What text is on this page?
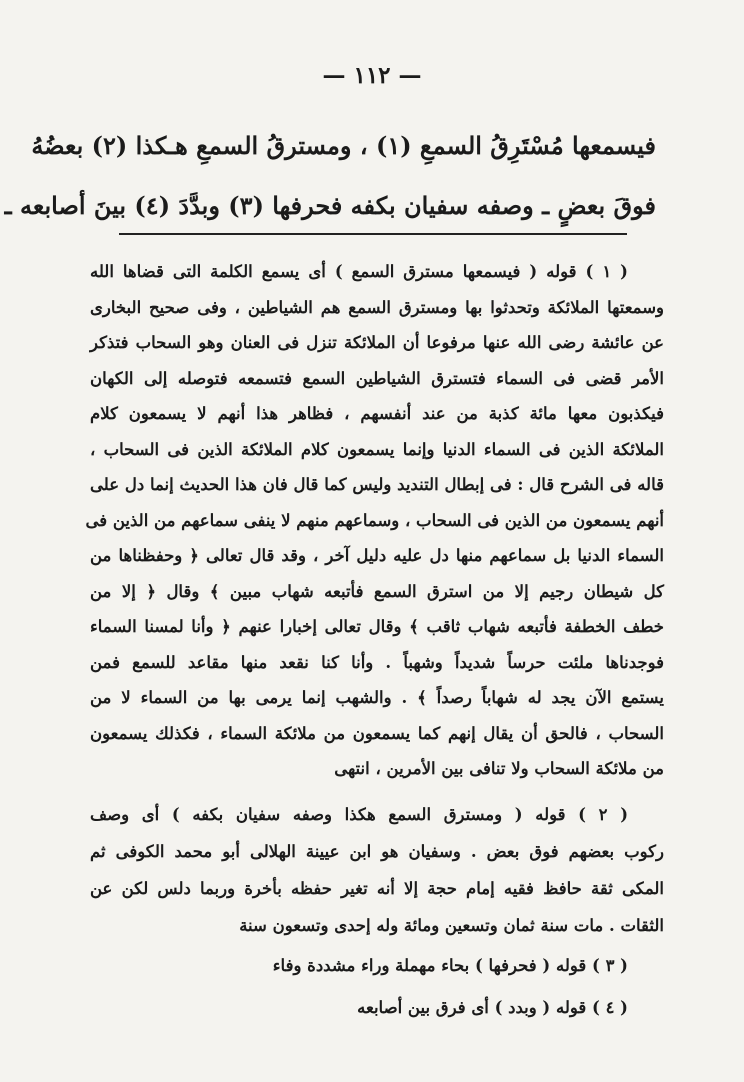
— ١١٢ —
فيسمعها مُسْتَرِقُ السمعِ (١) ، ومسترقُ السمعِ هـكذا (٢) بعضُهُ
فوقَ بعضٍ ـ وصفه سفيان بكفه فحرفها (٣) وبدَّدَ (٤) بينَ أصابعه ـ
( ١ ) قوله ( فيسمعها مسترق السمع ) أى يسمع الكلمة التى قضاها الله
وسمعتها الملائكة وتحدثوا بها ومسترق السمع هم الشياطين ، وفى صحيح البخارى
عن عائشة رضى الله عنها مرفوعا أن الملائكة تنزل فى العنان وهو السحاب فتذكر
الأمر قضى فى السماء فتسترق الشياطين السمع فتسمعه فتوصله إلى الكهان
فيكذبون معها مائة كذبة من عند أنفسهم ، فظاهر هذا أنهم لا يسمعون كلام
الملائكة الذين فى السماء الدنيا وإنما يسمعون كلام الملائكة الذين فى السحاب ،
قاله فى الشرح قال : فى إبطال التنديد وليس كما قال فان هذا الحديث إنما دل على
أنهم يسمعون من الذين فى السحاب ، وسماعهم منهم لا ينفى سماعهم من الذين فى
السماء الدنيا بل سماعهم منها دل عليه دليل آخر ، وقد قال تعالى ﴿ وحفظناها من
كل شيطان رجيم إلا من استرق السمع فأتبعه شهاب مبين ﴾ وقال ﴿ إلا من
خطف الخطفة فأتبعه شهاب ثاقب ﴾ وقال تعالى إخبارا عنهم ﴿ وأنا لمسنا السماء
فوجدناها ملئت حرساً شديداً وشهباً . وأنا كنا نقعد منها مقاعد للسمع فمن
يستمع الآن يجد له شهاباً رصداً ﴾ . والشهب إنما يرمى بها من السماء لا من
السحاب ، فالحق أن يقال إنهم كما يسمعون من ملائكة السماء ، فكذلك يسمعون
من ملائكة السحاب ولا تنافى بين الأمرين ، انتهى
( ٢ ) قوله ( ومسترق السمع هكذا وصفه سفيان بكفه ) أى وصف
ركوب بعضهم فوق بعض . وسفيان هو ابن عيينة الهلالى أبو محمد الكوفى ثم
المكى ثقة حافظ فقيه إمام حجة إلا أنه تغير حفظه بأخرة وربما دلس لكن عن
الثقات . مات سنة ثمان وتسعين ومائة وله إحدى وتسعون سنة
( ٣ ) قوله ( فحرفها ) بحاء مهملة وراء مشددة وفاء
( ٤ ) قوله ( وبدد ) أى فرق بين أصابعه
